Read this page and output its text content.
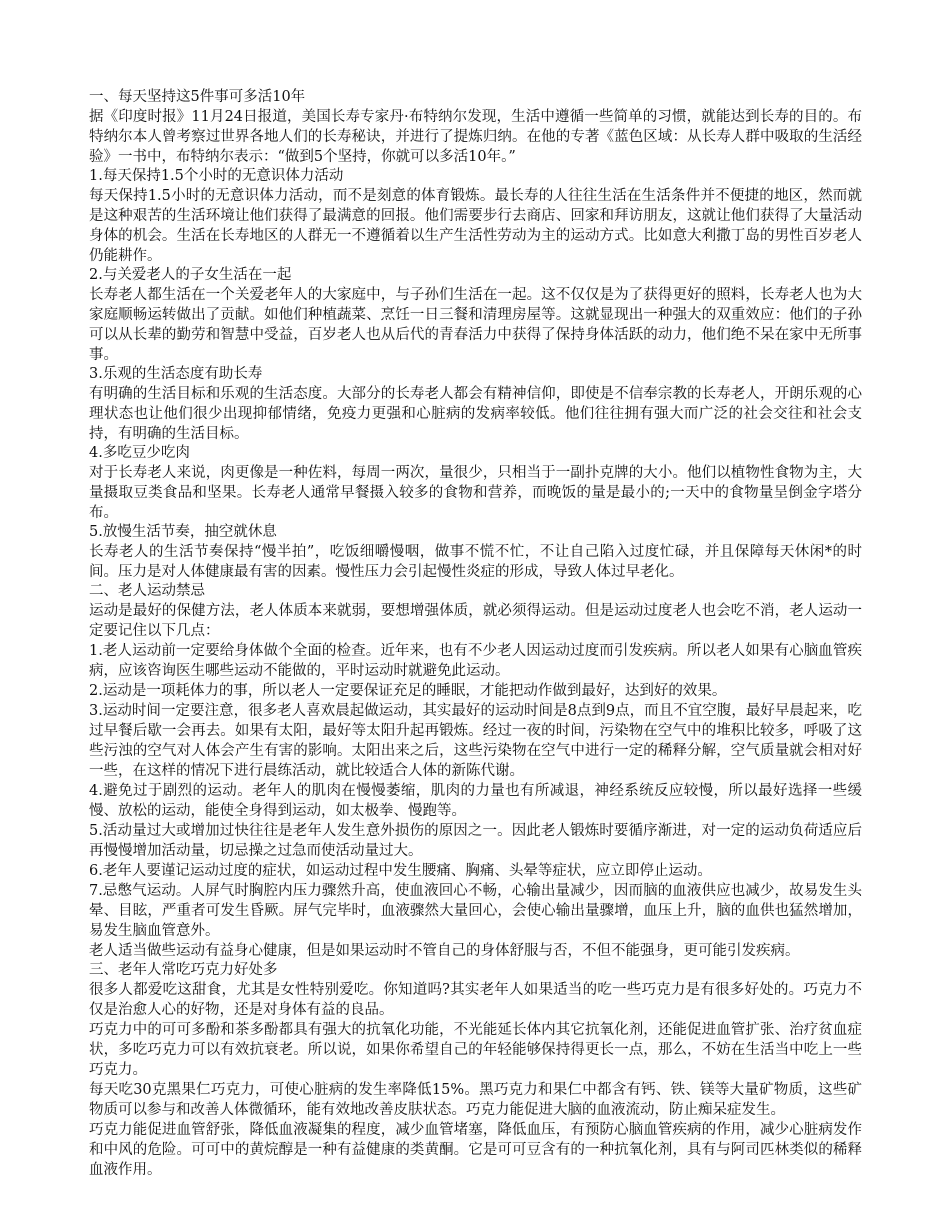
一、每天坚持这5件事可多活10年

据《印度时报》11月24日报道，美国长寿专家丹·布特纳尔发现，生活中遵循一些简单的习惯，就能达到长寿的目的。布特纳尔本人曾考察过世界各地人们的长寿秘诀，并进行了提炼归纳。在他的专著《蓝色区域：从长寿人群中吸取的生活经验》一书中，布特纳尔表示：“做到5个坚持，你就可以多活10年。”

1.每天保持1.5个小时的无意识体力活动

每天保持1.5小时的无意识体力活动，而不是刻意的体育锻炼。最长寿的人往往生活在生活条件并不便捷的地区，然而就是这种艰苦的生活环境让他们获得了最满意的回报。他们需要步行去商店、回家和拜访朋友，这就让他们获得了大量活动身体的机会。生活在长寿地区的人群无一不遵循着以生产生活性劳动为主的运动方式。比如意大利撒丁岛的男性百岁老人仍能耕作。

2.与关爱老人的子女生活在一起

长寿老人都生活在一个关爱老年人的大家庭中，与子孙们生活在一起。这不仅仅是为了获得更好的照料，长寿老人也为大家庭顺畅运转做出了贡献。如他们种植蔬菜、烹饪一日三餐和清理房屋等。这就显现出一种强大的双重效应：他们的子孙可以从长辈的勤劳和智慧中受益，百岁老人也从后代的青春活力中获得了保持身体活跃的动力，他们绝不呆在家中无所事事。

3.乐观的生活态度有助长寿

有明确的生活目标和乐观的生活态度。大部分的长寿老人都会有精神信仰，即使是不信奉宗教的长寿老人，开朗乐观的心理状态也让他们很少出现抑郁情绪，免疫力更强和心脏病的发病率较低。他们往往拥有强大而广泛的社会交往和社会支持，有明确的生活目标。

4.多吃豆少吃肉

对于长寿老人来说，肉更像是一种佐料，每周一两次，量很少，只相当于一副扑克牌的大小。他们以植物性食物为主，大量摄取豆类食品和坚果。长寿老人通常早餐摄入较多的食物和营养，而晚饭的量是最小的;一天中的食物量呈倒金字塔分布。

5.放慢生活节奏，抽空就休息

长寿老人的生活节奏保持“慢半拍”，吃饭细嚼慢咽，做事不慌不忙，不让自己陷入过度忙碌，并且保障每天休闲*的时间。压力是对人体健康最有害的因素。慢性压力会引起慢性炎症的形成，导致人体过早老化。

二、老人运动禁忌

运动是最好的保健方法，老人体质本来就弱，要想增强体质，就必须得运动。但是运动过度老人也会吃不消，老人运动一定要记住以下几点：

1.老人运动前一定要给身体做个全面的检查。近年来，也有不少老人因运动过度而引发疾病。所以老人如果有心脑血管疾病，应该咨询医生哪些运动不能做的，平时运动时就避免此运动。

2.运动是一项耗体力的事，所以老人一定要保证充足的睡眠，才能把动作做到最好，达到好的效果。

3.运动时间一定要注意，很多老人喜欢晨起做运动，其实最好的运动时间是8点到9点，而且不宜空腹，最好早晨起来，吃过早餐后歇一会再去。如果有太阳，最好等太阳升起再锻炼。经过一夜的时间，污染物在空气中的堆积比较多，呼吸了这些污浊的空气对人体会产生有害的影响。太阳出来之后，这些污染物在空气中进行一定的稀释分解，空气质量就会相对好一些，在这样的情况下进行晨练活动，就比较适合人体的新陈代谢。

4.避免过于剧烈的运动。老年人的肌肉在慢慢萎缩，肌肉的力量也有所减退，神经系统反应较慢，所以最好选择一些缓慢、放松的运动，能使全身得到运动，如太极拳、慢跑等。

5.活动量过大或增加过快往往是老年人发生意外损伤的原因之一。因此老人锻炼时要循序渐进，对一定的运动负荷适应后再慢慢增加活动量，切忌操之过急而使活动量过大。

6.老年人要谨记运动过度的症状，如运动过程中发生腰痛、胸痛、头晕等症状，应立即停止运动。

7.忌憋气运动。人屏气时胸腔内压力骤然升高，使血液回心不畅，心输出量减少，因而脑的血液供应也减少，故易发生头晕、目眩，严重者可发生昏厥。屏气完毕时，血液骤然大量回心，会使心输出量骤增，血压上升，脑的血供也猛然增加，易发生脑血管意外。

老人适当做些运动有益身心健康，但是如果运动时不管自己的身体舒服与否，不但不能强身，更可能引发疾病。

三、老年人常吃巧克力好处多

很多人都爱吃这甜食，尤其是女性特别爱吃。你知道吗?其实老年人如果适当的吃一些巧克力是有很多好处的。巧克力不仅是治愈人心的好物，还是对身体有益的良品。

巧克力中的可可多酚和茶多酚都具有强大的抗氧化功能，不光能延长体内其它抗氧化剂，还能促进血管扩张、治疗贫血症状，多吃巧克力可以有效抗衰老。所以说，如果你希望自己的年轻能够保持得更长一点，那么，不妨在生活当中吃上一些巧克力。

每天吃30克黑果仁巧克力，可使心脏病的发生率降低15%。黑巧克力和果仁中都含有钙、铁、镁等大量矿物质，这些矿物质可以参与和改善人体微循环，能有效地改善皮肤状态。巧克力能促进大脑的血液流动，防止痴呆症发生。

巧克力能促进血管舒张，降低血液凝集的程度，减少血管堵塞，降低血压，有预防心脑血管疾病的作用，减少心脏病发作和中风的危险。可可中的黄烷醇是一种有益健康的类黄酮。它是可可豆含有的一种抗氧化剂，具有与阿司匹林类似的稀释血液作用。
